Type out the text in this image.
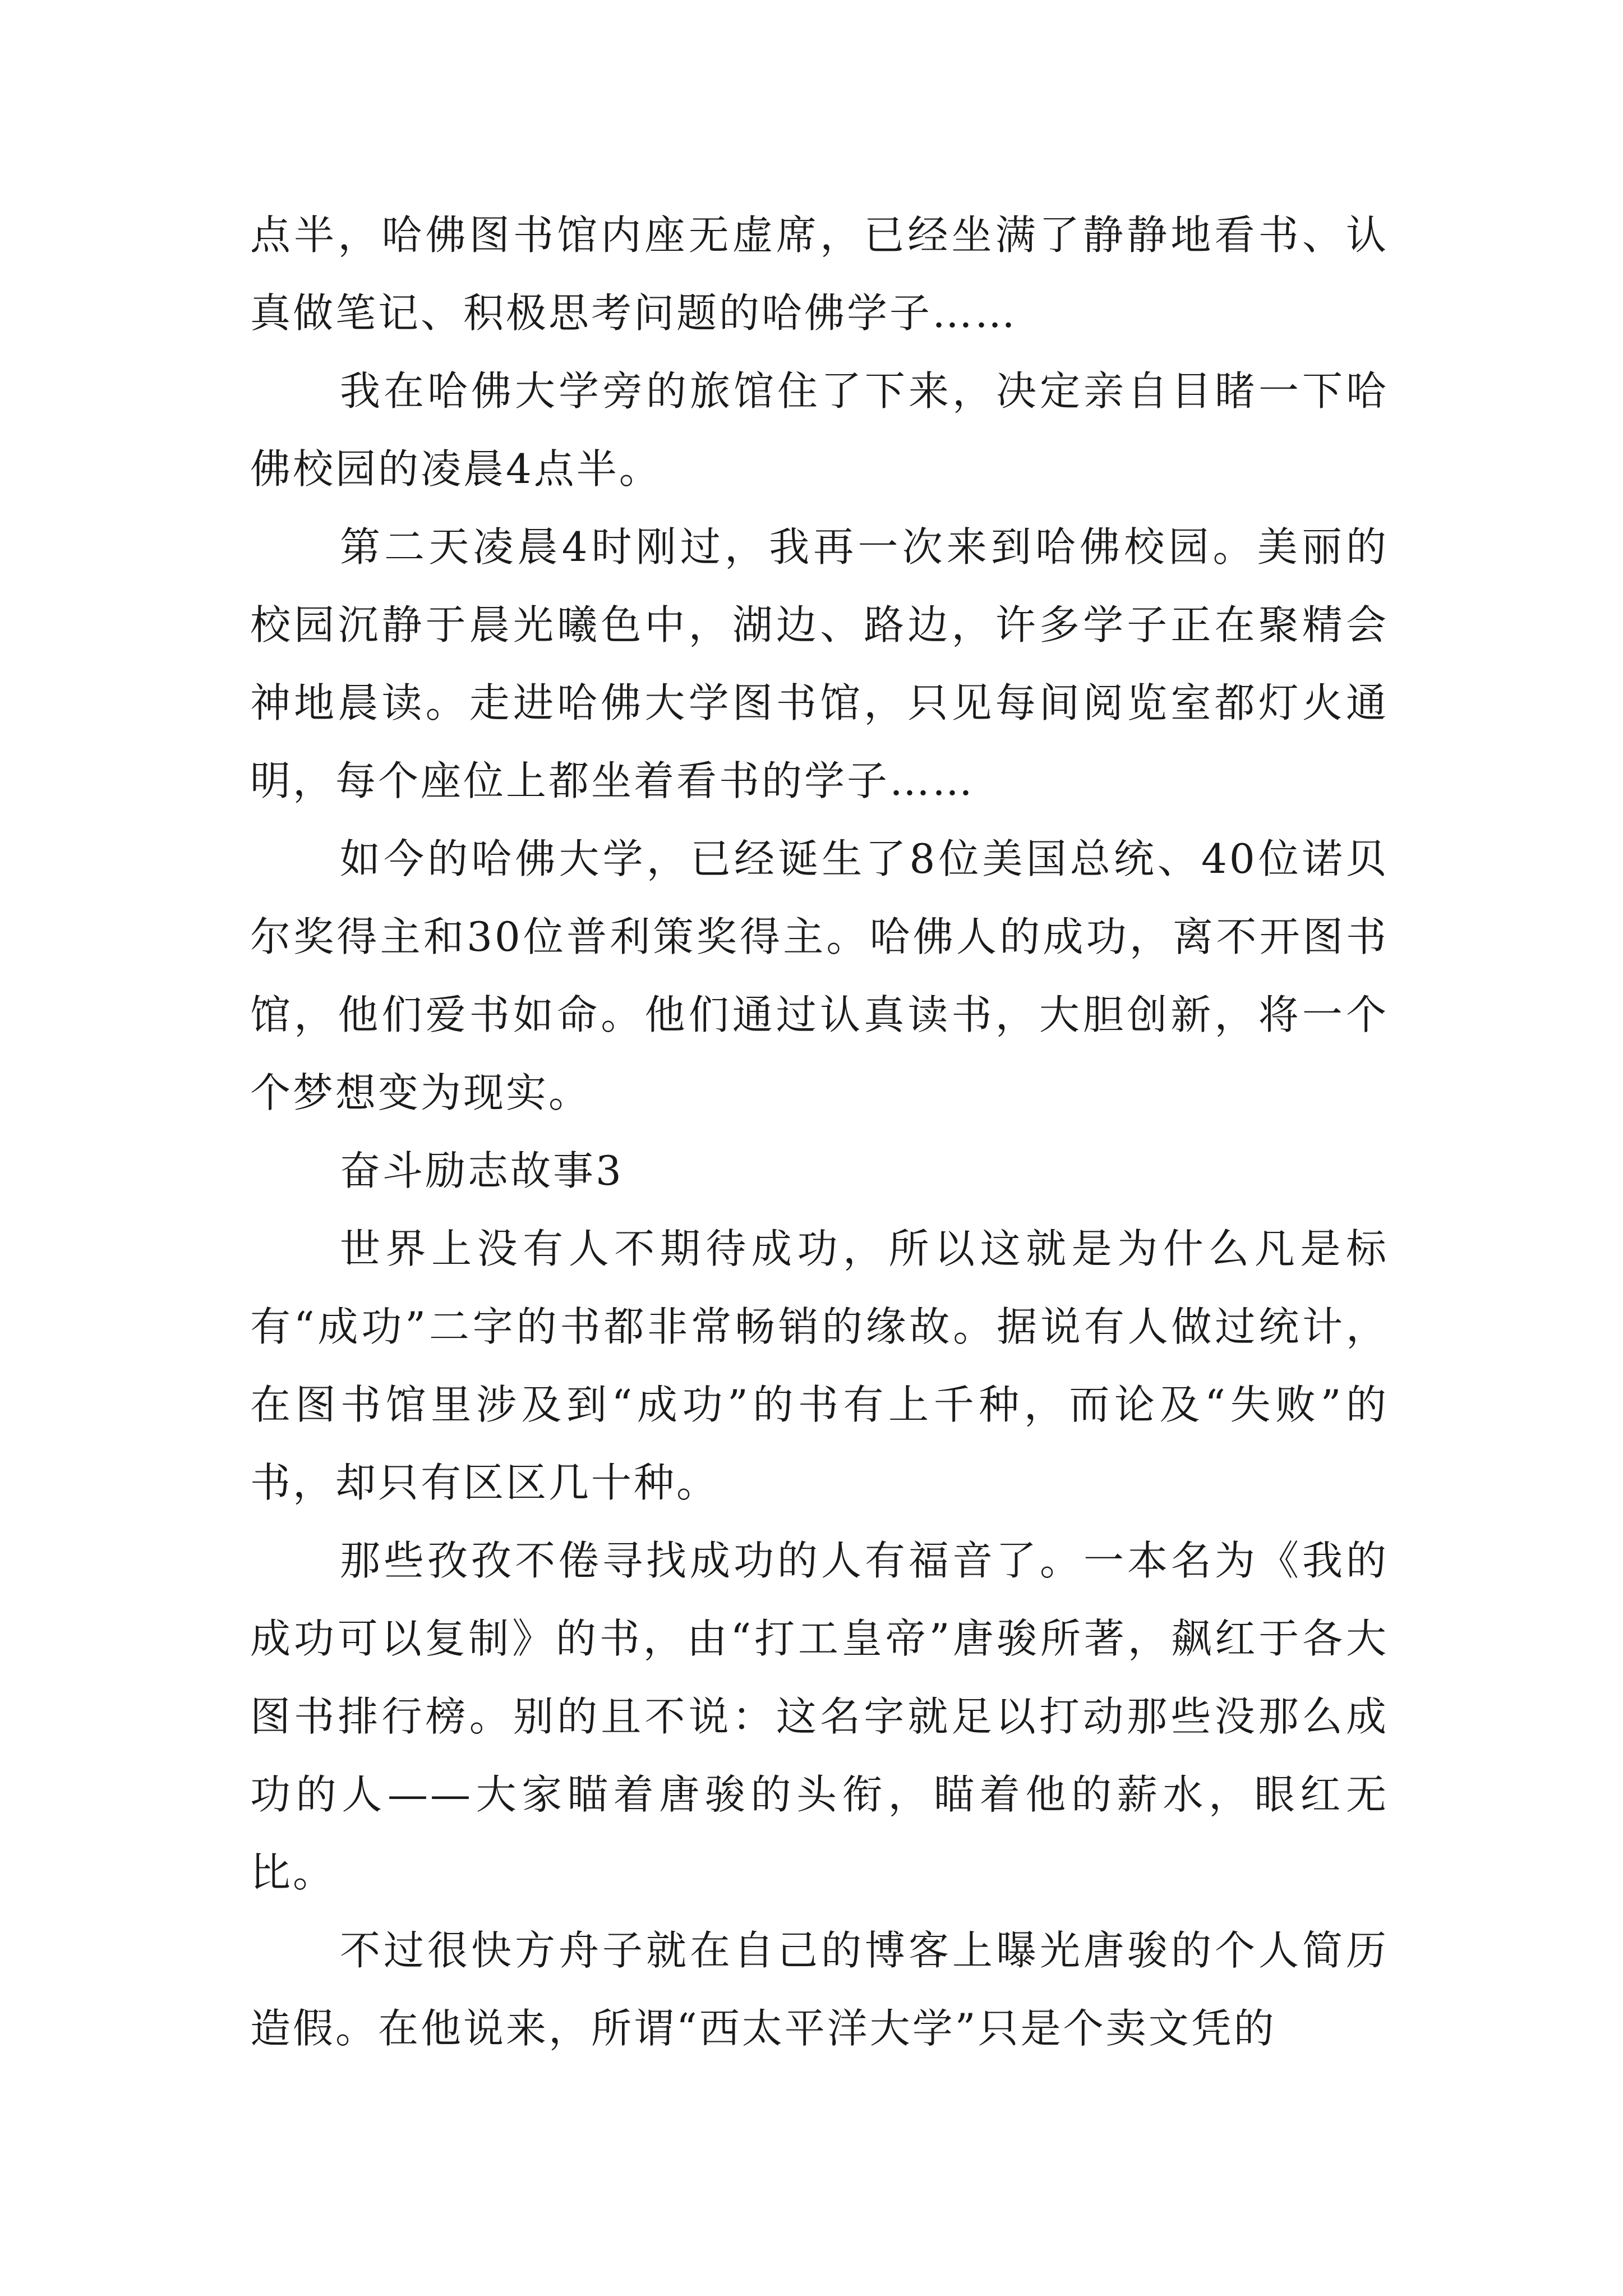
点半，哈佛图书馆内座无虚席，已经坐满了静静地看书、认真做笔记、积极思考问题的哈佛学子……

我在哈佛大学旁的旅馆住了下来，决定亲自目睹一下哈佛校园的凌晨4点半。

第二天凌晨4时刚过，我再一次来到哈佛校园。美丽的校园沉静于晨光曦色中，湖边、路边，许多学子正在聚精会神地晨读。走进哈佛大学图书馆，只见每间阅览室都灯火通明，每个座位上都坐着看书的学子……

如今的哈佛大学，已经诞生了8位美国总统、40位诺贝尔奖得主和30位普利策奖得主。哈佛人的成功，离不开图书馆，他们爱书如命。他们通过认真读书，大胆创新，将一个个梦想变为现实。

奋斗励志故事3

世界上没有人不期待成功，所以这就是为什么凡是标有“成功”二字的书都非常畅销的缘故。据说有人做过统计，在图书馆里涉及到“成功”的书有上千种，而论及“失败”的书，却只有区区几十种。

那些孜孜不倦寻找成功的人有福音了。一本名为《我的成功可以复制》的书，由“打工皇帝”唐骏所著，飙红于各大图书排行榜。别的且不说：这名字就足以打动那些没那么成功的人——大家瞄着唐骏的头衔，瞄着他的薪水，眼红无比。

不过很快方舟子就在自己的博客上曝光唐骏的个人简历造假。在他说来，所谓“西太平洋大学”只是个卖文凭的
